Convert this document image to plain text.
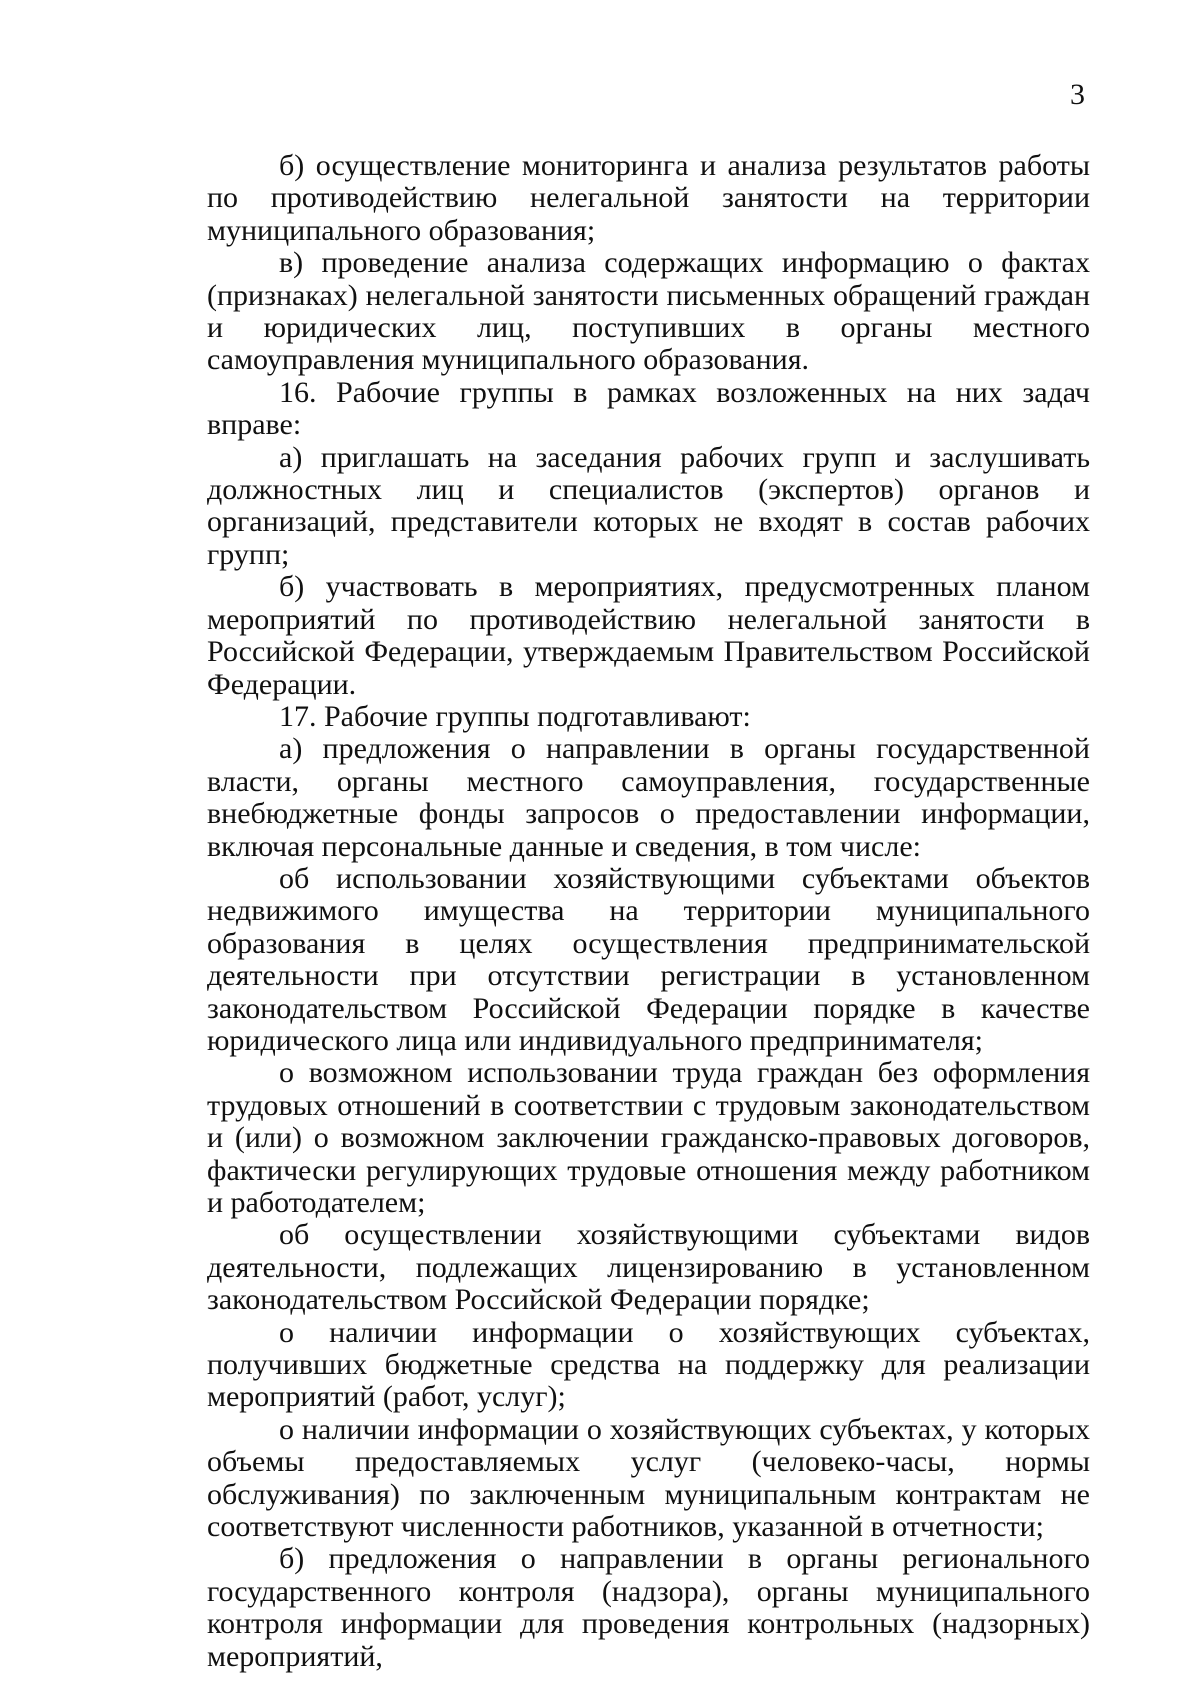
3

б) осуществление мониторинга и анализа результатов работы по противодействию нелегальной занятости на территории муниципального образования;

в) проведение анализа содержащих информацию о фактах (признаках) нелегальной занятости письменных обращений граждан и юридических лиц, поступивших в органы местного самоуправления муниципального образования.

16. Рабочие группы в рамках возложенных на них задач вправе:

а) приглашать на заседания рабочих групп и заслушивать должностных лиц и специалистов (экспертов) органов и организаций, представители которых не входят в состав рабочих групп;

б) участвовать в мероприятиях, предусмотренных планом мероприятий по противодействию нелегальной занятости в Российской Федерации, утверждаемым Правительством Российской Федерации.

17. Рабочие группы подготавливают:

а) предложения о направлении в органы государственной власти, органы местного самоуправления, государственные внебюджетные фонды запросов о предоставлении информации, включая персональные данные и сведения, в том числе:

об использовании хозяйствующими субъектами объектов недвижимого имущества на территории муниципального образования в целях осуществления предпринимательской деятельности при отсутствии регистрации в установленном законодательством Российской Федерации порядке в качестве юридического лица или индивидуального предпринимателя;

о возможном использовании труда граждан без оформления трудовых отношений в соответствии с трудовым законодательством и (или) о возможном заключении гражданско-правовых договоров, фактически регулирующих трудовые отношения между работником и работодателем;

об осуществлении хозяйствующими субъектами видов деятельности, подлежащих лицензированию в установленном законодательством Российской Федерации порядке;

о наличии информации о хозяйствующих субъектах, получивших бюджетные средства на поддержку для реализации мероприятий (работ, услуг);

о наличии информации о хозяйствующих субъектах, у которых объемы предоставляемых услуг (человеко-часы, нормы обслуживания) по заключенным муниципальным контрактам не соответствуют численности работников, указанной в отчетности;

б) предложения о направлении в органы регионального государственного контроля (надзора), органы муниципального контроля информации для проведения контрольных (надзорных) мероприятий,
